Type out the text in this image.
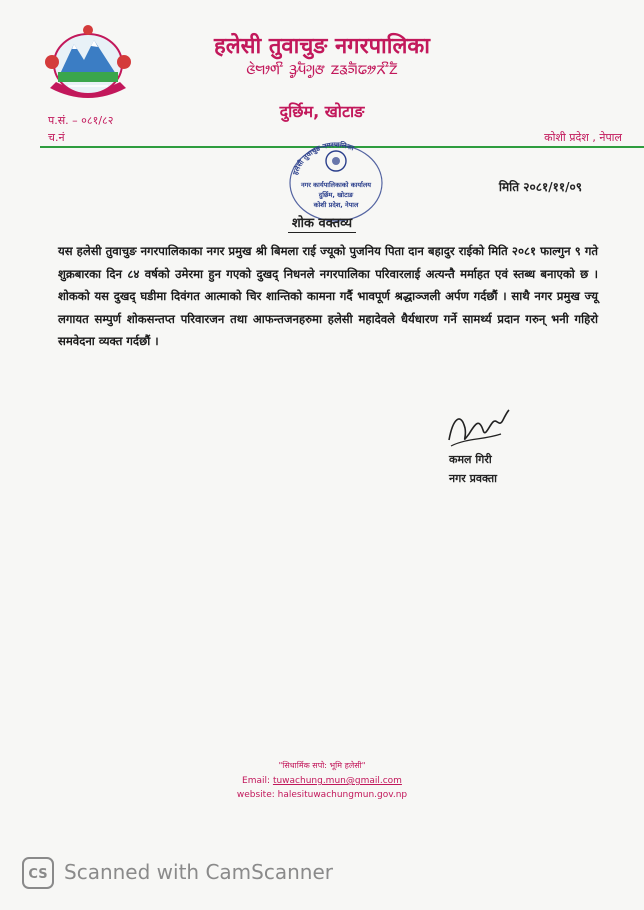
हलेसी तुवाचुङ नगरपालिका
ᤜᤧᤗᤣᤛᤡ ᤋᤢᤘᤠᤆᤢᤅ ᤏᤕᤈᤠᤒᤤᤖᤡᤁᤠ
दुर्छिम, खोटाङ
प.सं. – ०८१/८२
च.नं	कोशी प्रदेश , नेपाल
हलेसी तुवाचुङ नगरपालिका
नगर कार्यपालिकाको कार्यालय
दुर्छिम, खोटाङ
कोशी प्रदेश, नेपाल
मिति २०८१/११/०९
शोक वक्तव्य
यस हलेसी तुवाचुङ नगरपालिकाका नगर प्रमुख श्री बिमला राई ज्यूको पुजनिय पिता दान बहादुर राईको मिति २०८१ फाल्गुन ९ गते शुक्रबारका दिन ८४ वर्षको उमेरमा हुन गएको दुखद् निधनले नगरपालिका परिवारलाई अत्यन्तै मर्माहत एवं स्तब्ध बनाएको छ । शोकको यस दुखद् घडीमा दिवंगत आत्माको चिर शान्तिको कामना गर्दै भावपूर्ण श्रद्धाञ्जली अर्पण गर्दछौं । साथै नगर प्रमुख ज्यू लगायत सम्पुर्ण शोकसन्तप्त परिवारजन तथा आफन्तजनहरुमा हलेसी महादेवले धैर्यधारण गर्ने सामर्थ्य प्रदान गरुन् भनी गहिरो समवेदना व्यक्त गर्दछौं ।
कमल गिरी
नगर प्रवक्ता
"सिधार्मिक सपो: भूमि हलेसी"
Email: tuwachung.mun@gmail.com
website: halesituwachungmun.gov.np
CS Scanned with CamScanner
